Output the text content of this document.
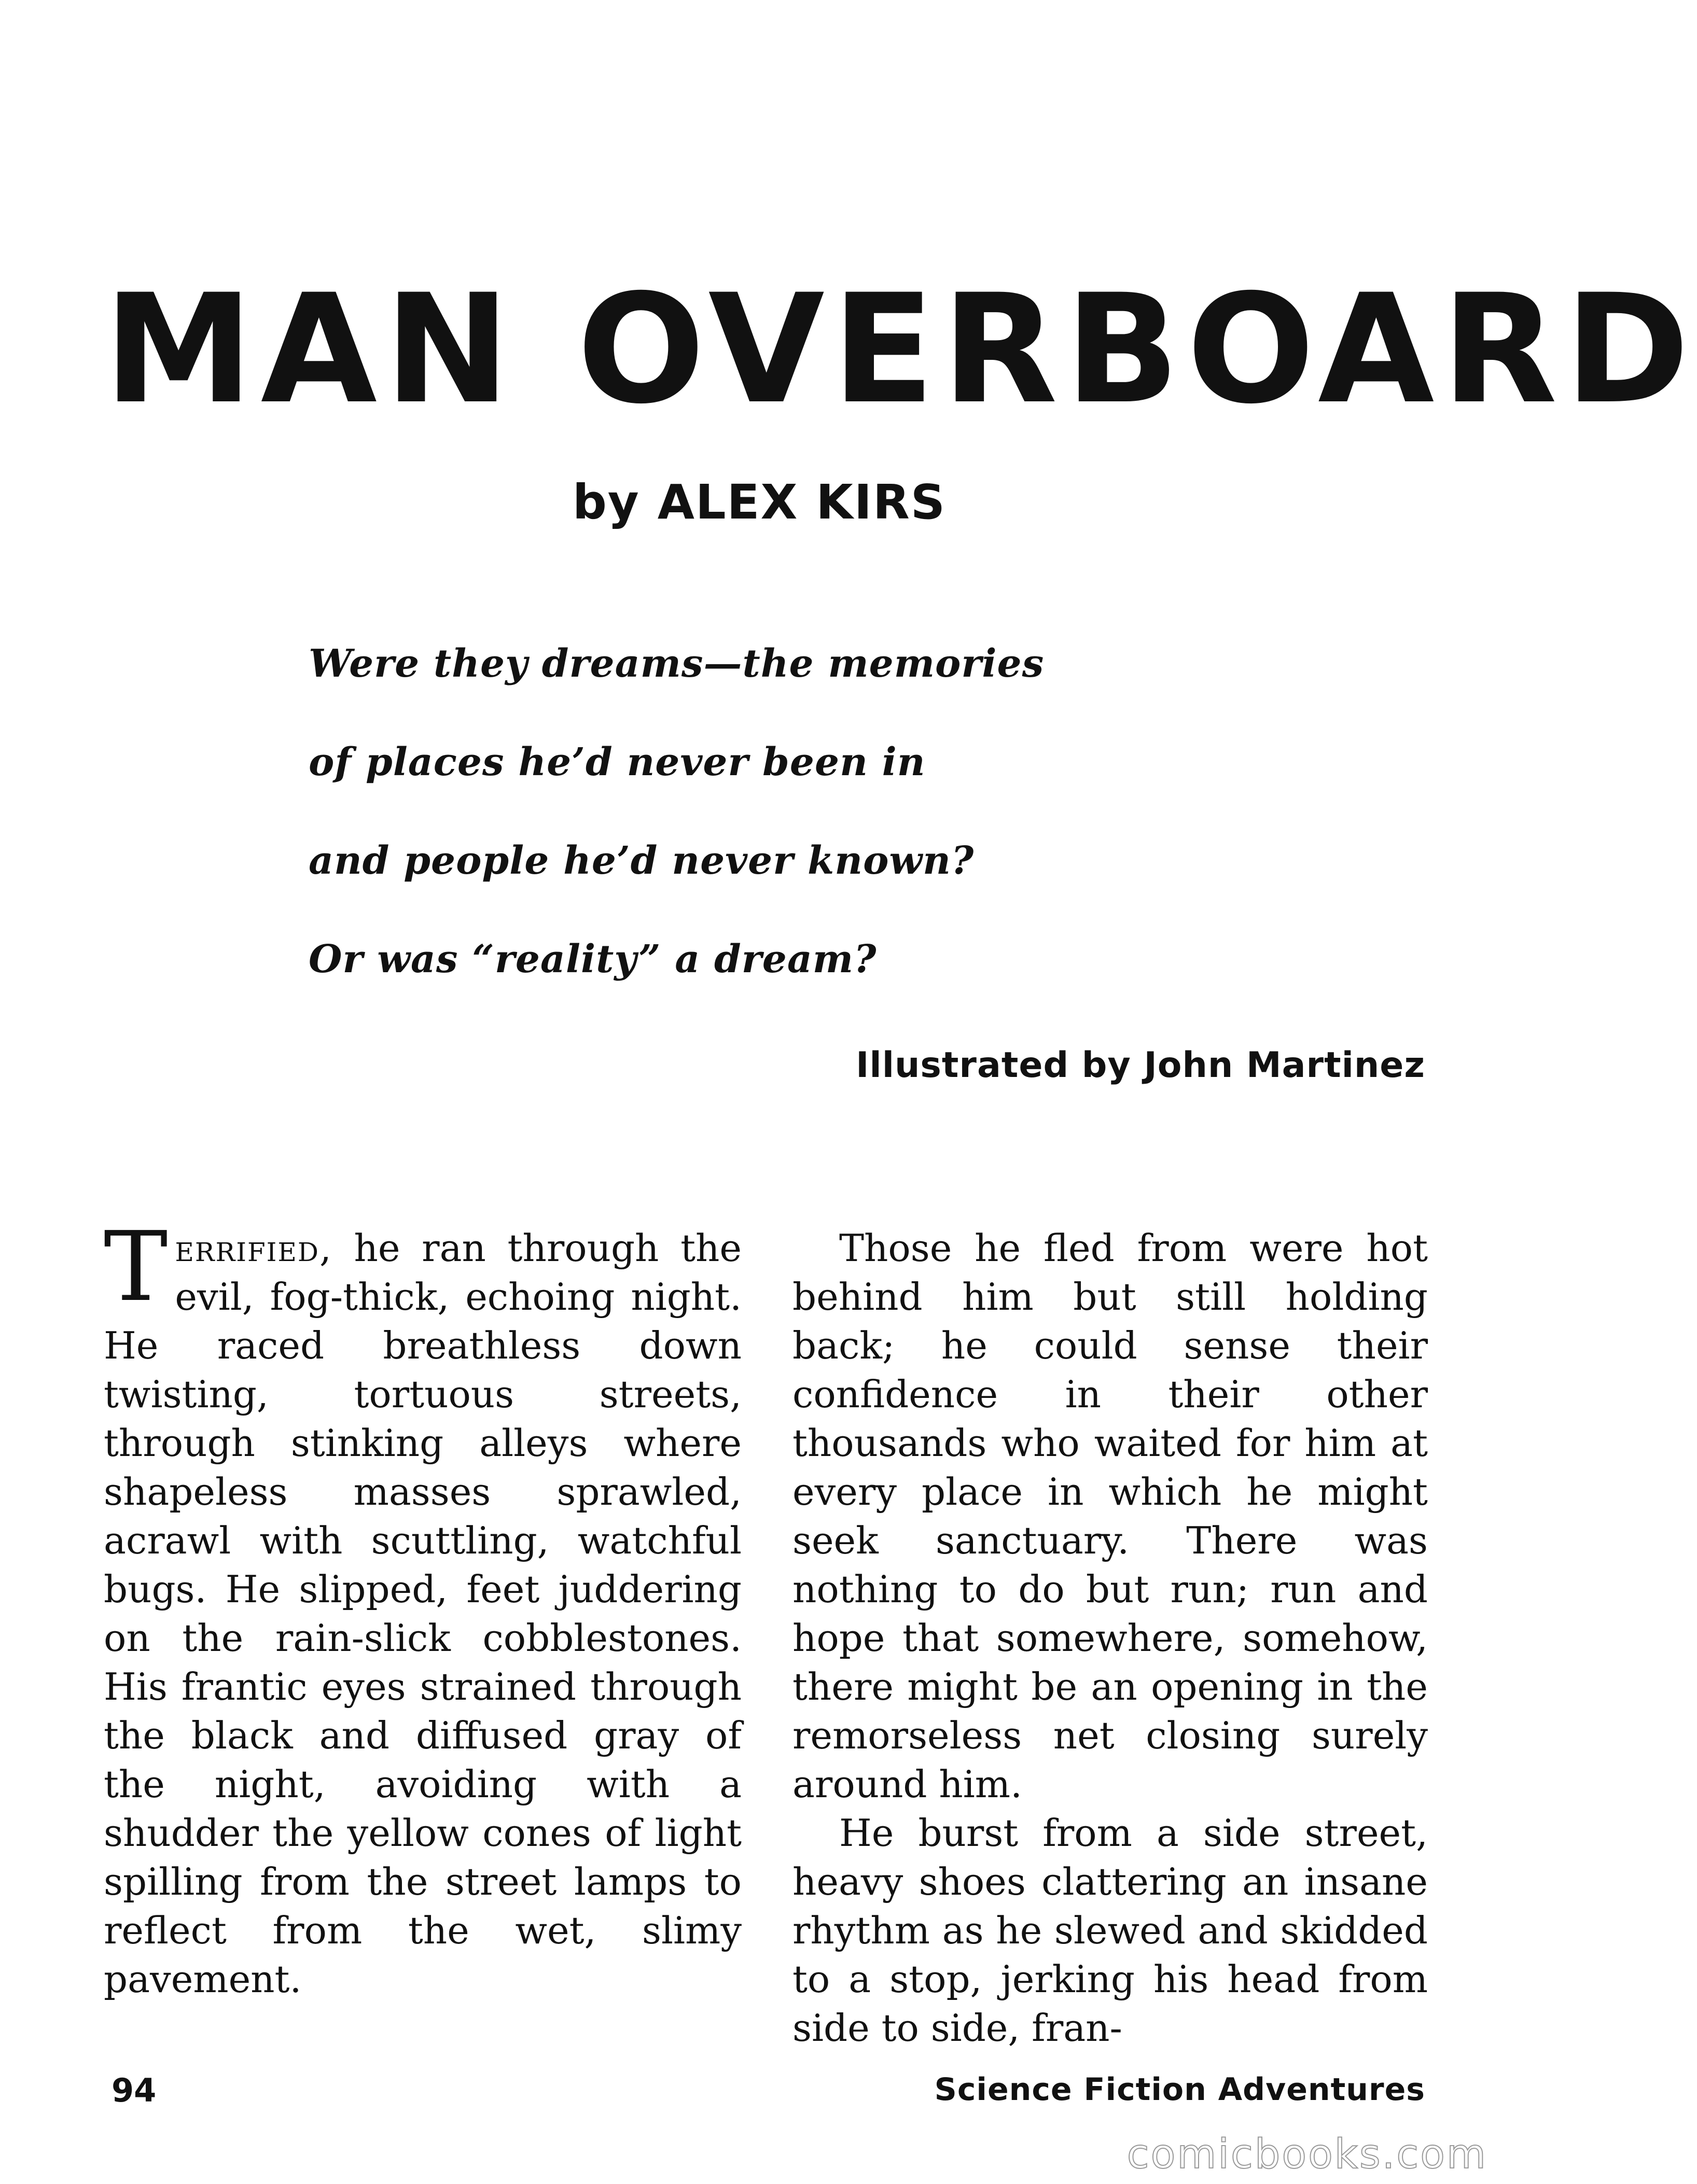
MAN OVERBOARD
by ALEX KIRS
Were they dreams—the memories
of places he’d never been in
and people he’d never known?
Or was “reality” a dream?
Illustrated by John Martinez

Terrified, he ran through the evil, fog-thick, echoing night. He raced breathless down twisting, tortuous streets, through stinking alleys where shapeless masses sprawled, acrawl with scuttling, watchful bugs. He slipped, feet juddering on the rain-slick cobblestones. His frantic eyes strained through the black and diffused gray of the night, avoiding with a shudder the yellow cones of light spilling from the street lamps to reflect from the wet, slimy pavement.

Those he fled from were hot behind him but still holding back; he could sense their confidence in their other thousands who waited for him at every place in which he might seek sanctuary. There was nothing to do but run; run and hope that somewhere, somehow, there might be an opening in the remorseless net closing surely around him.

He burst from a side street, heavy shoes clattering an insane rhythm as he slewed and skidded to a stop, jerking his head from side to side, fran-

94	Science Fiction Adventures
comicbooks.com
